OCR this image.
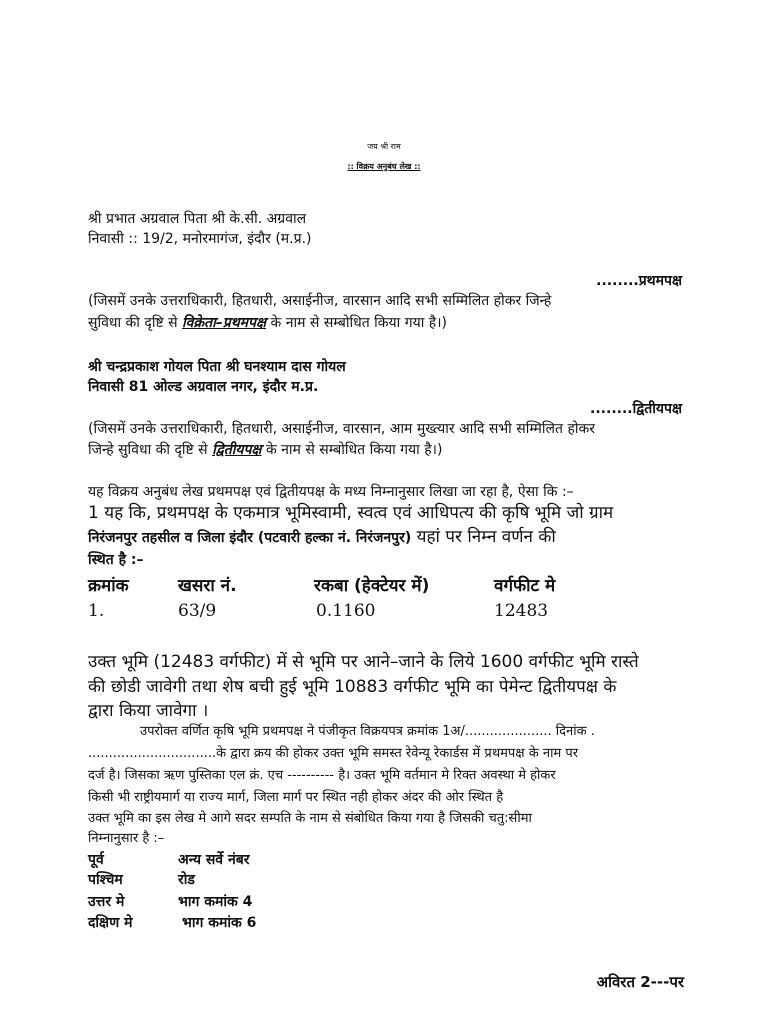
जय श्री राम
:: विक्रय अनुबंध लेख ::
श्री प्रभात अग्रवाल पिता श्री के.सी. अग्रवाल
निवासी :: 19/2, मनोरमागंज, इंदौर (म.प्र.)
........प्रथमपक्ष
(जिसमें उनके उत्तराधिकारी, हितधारी, असाईनीज, वारसान आदि सभी सम्मिलित होकर जिन्हे
सुविधा की दृष्टि से विक्रेता–प्रथमपक्ष के नाम से सम्बोधित किया गया है।)
श्री चन्द्रप्रकाश गोयल पिता श्री घनश्याम दास गोयल
निवासी 81 ओल्ड अग्रवाल नगर, इंदौर म.प्र.
........द्वितीयपक्ष
(जिसमें उनके उत्तराधिकारी, हितधारी, असाईनीज, वारसान, आम मुख्त्यार आदि सभी सम्मिलित होकर
जिन्हे सुविधा की दृष्टि से द्वितीयपक्ष के नाम से सम्बोधित किया गया है।)
यह विक्रय अनुबंध लेख प्रथमपक्ष एवं द्वितीयपक्ष के मध्य निम्नानुसार लिखा जा रहा है, ऐसा कि :–
1 यह कि, प्रथमपक्ष के एकमात्र भूमिस्वामी, स्वत्व एवं आधिपत्य की कृषि भूमि जो ग्राम
निरंजनपुर तहसील व जिला इंदौर (पटवारी हल्का नं. निरंजनपुर) यहां पर निम्न वर्णन की
स्थित है :–
क्रमांक	खसरा नं.	रकबा (हेक्टेयर में)	वर्गफीट मे
1.	63/9	0.1160	12483
उक्त भूमि (12483 वर्गफीट) में से भूमि पर आने–जाने के लिये 1600 वर्गफीट भूमि रास्ते
की छोडी जावेगी तथा शेष बची हुई भूमि 10883 वर्गफीट भूमि का पेमेन्ट द्वितीयपक्ष के
द्वारा किया जावेगा ।
उपरोक्त वर्णित कृषि भूमि प्रथमपक्ष ने पंजीकृत विक्रयपत्र क्रमांक 1अ/..................... दिनांक .
...............................के द्वारा क्रय की होकर उक्त भूमि समस्त रेवेन्यू रेकार्डस में प्रथमपक्ष के नाम पर
दर्ज है। जिसका ऋण पुस्तिका एल क्रं. एच ---------- है। उक्त भूमि वर्तमान मे रिक्त अवस्था मे होकर
किसी भी राष्ट्रीयमार्ग या राज्य मार्ग, जिला मार्ग पर स्थित नही होकर अंदर की ओर स्थित है
उक्त भूमि का इस लेख मे आगे सदर सम्पति के नाम से संबोधित किया गया है जिसकी चतु:सीमा
निम्नानुसार है :–
पूर्व	अन्य सर्वे नंबर
पश्चिम	रोड
उत्तर मे	भाग कमांक 4
दक्षिण मे	भाग कमांक 6
अविरत 2---पर
